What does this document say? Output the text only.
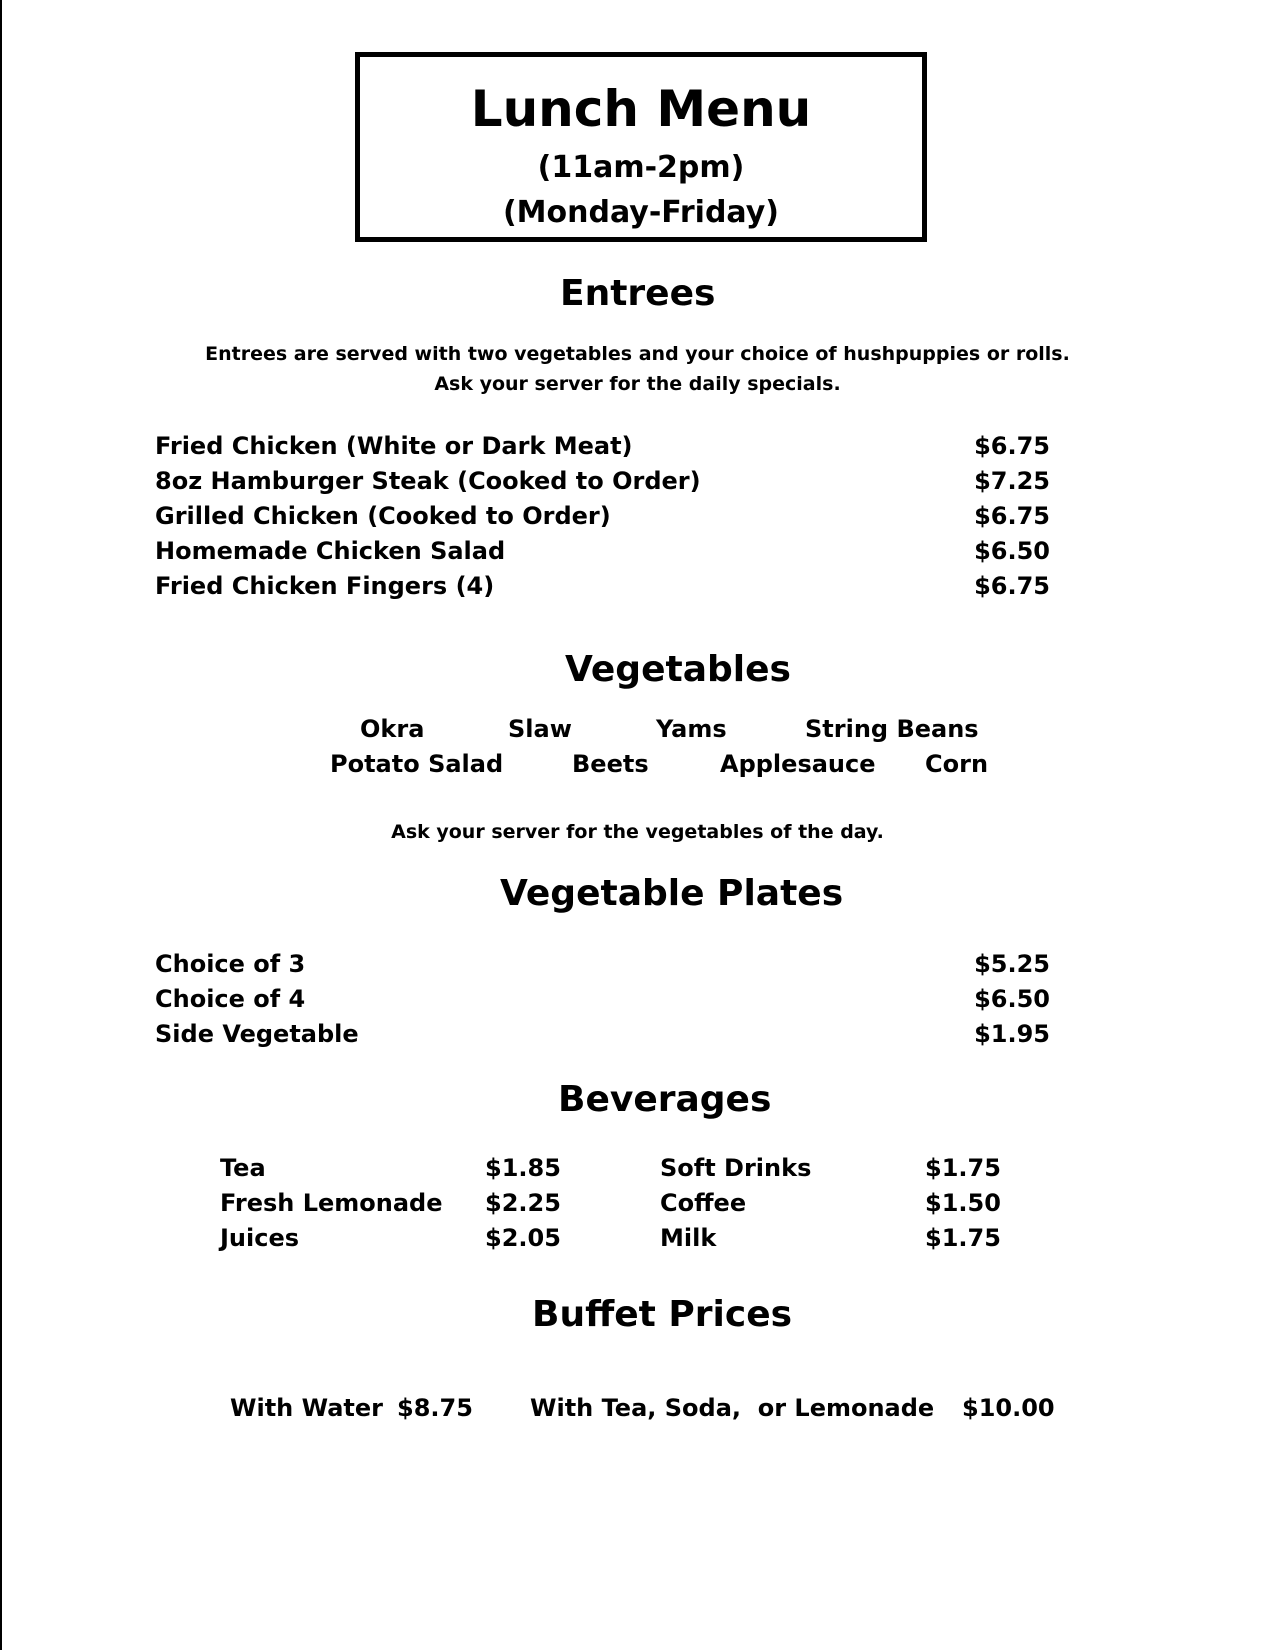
Lunch Menu
(11am-2pm)
(Monday-Friday)
Entrees
Entrees are served with two vegetables and your choice of hushpuppies or rolls.
Ask your server for the daily specials.
Fried Chicken (White or Dark Meat)	$6.75
8oz Hamburger Steak (Cooked to Order)	$7.25
Grilled Chicken (Cooked to Order)	$6.75
Homemade Chicken Salad	$6.50
Fried Chicken Fingers (4)	$6.75
Vegetables
Okra	Slaw	Yams	String Beans
Potato Salad	Beets	Applesauce Corn
Ask your server for the vegetables of the day.
Vegetable Plates
Choice of 3	$5.25
Choice of 4	$6.50
Side Vegetable	$1.95
Beverages
Tea	$1.85	Soft Drinks	$1.75
Fresh Lemonade $2.25	Coffee	$1.50
Juices	$2.05	Milk	$1.75
Buffet Prices
With Water $8.75 With Tea, Soda,  or Lemonade $10.00
